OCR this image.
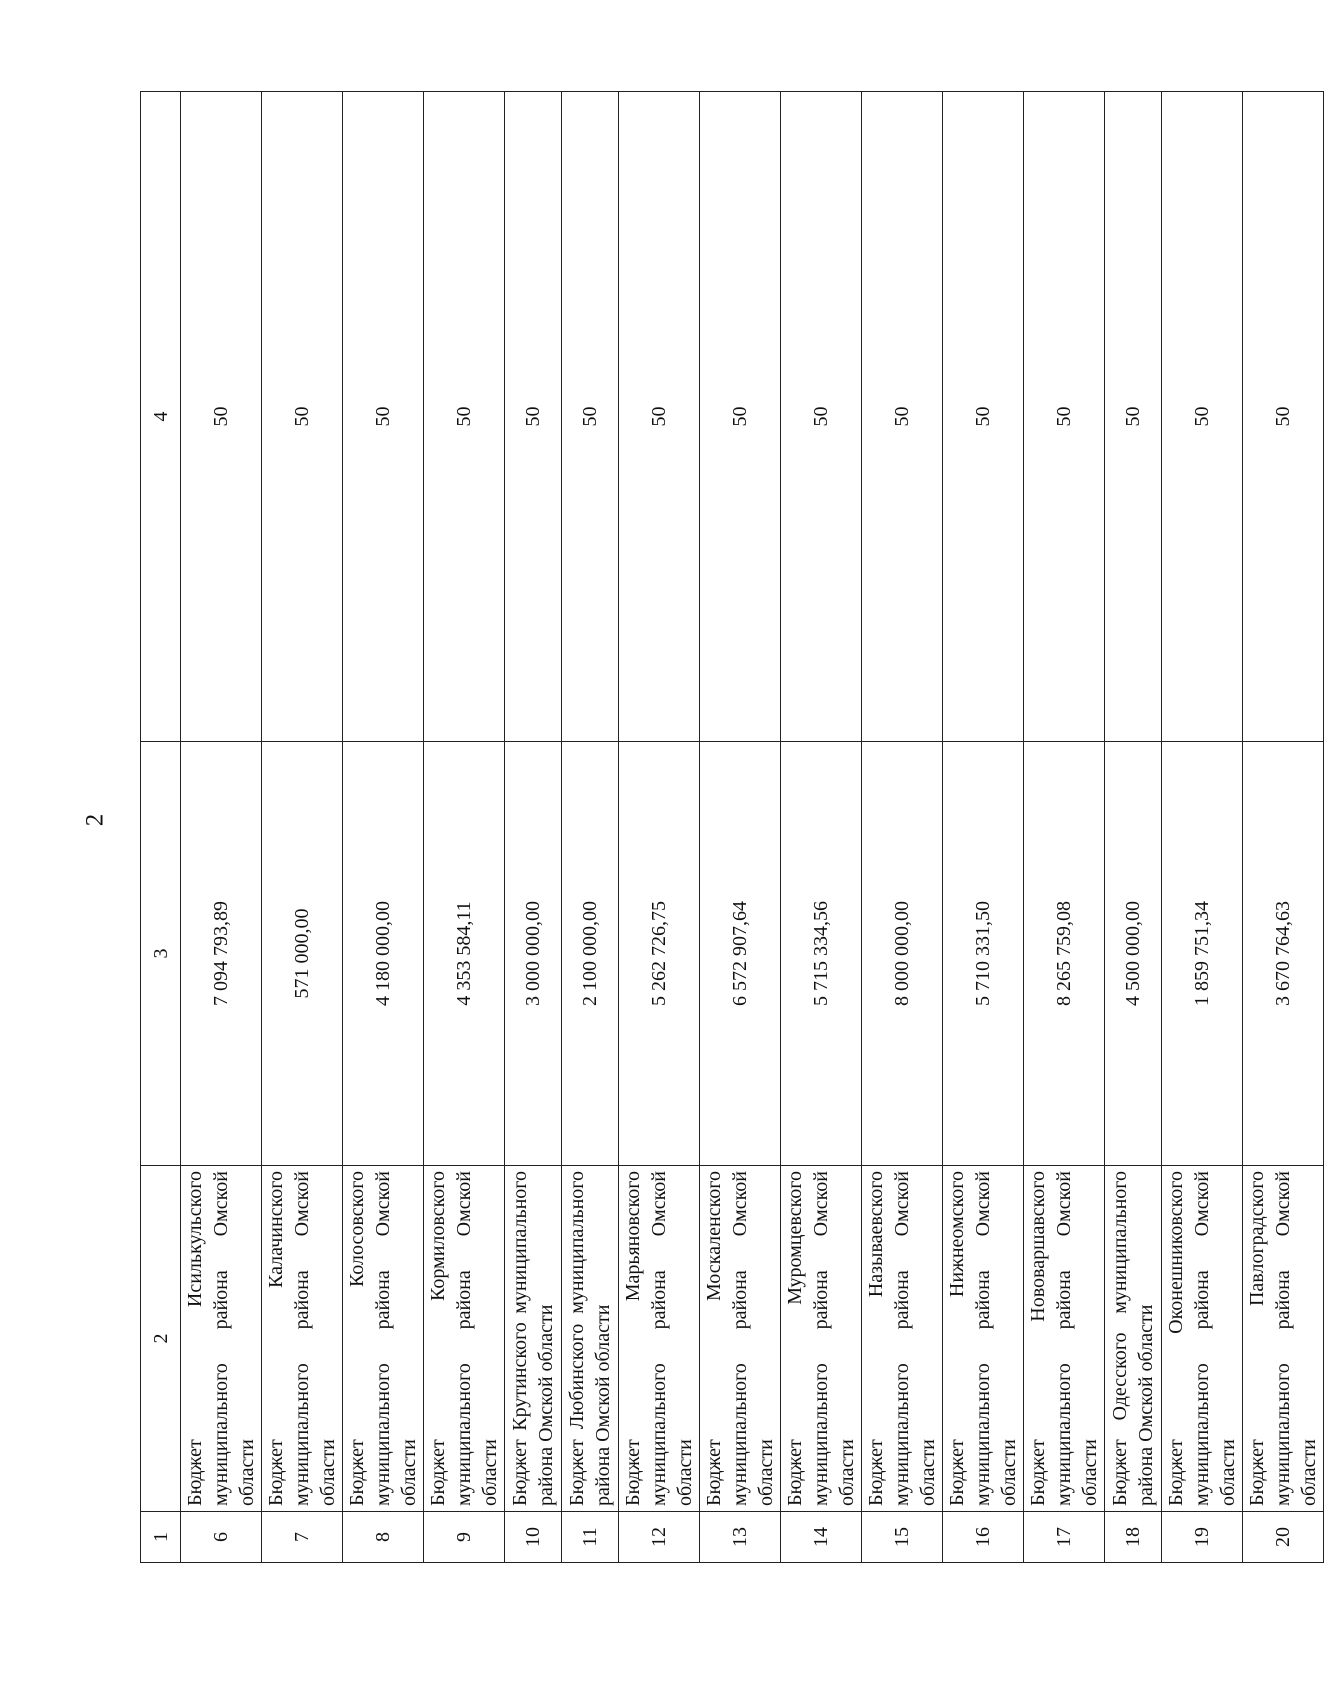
2
1	2	3	4
6	Бюджет Исилькульского муниципального района Омской области	7 094 793,89	50
7	Бюджет Калачинского муниципального района Омской области	571 000,00	50
8	Бюджет Колосовского муниципального района Омской области	4 180 000,00	50
9	Бюджет Кормиловского муниципального района Омской области	4 353 584,11	50
10	Бюджет Крутинского муниципального района Омской области	3 000 000,00	50
11	Бюджет Любинского муниципального района Омской области	2 100 000,00	50
12	Бюджет Марьяновского муниципального района Омской области	5 262 726,75	50
13	Бюджет Москаленского муниципального района Омской области	6 572 907,64	50
14	Бюджет Муромцевского муниципального района Омской области	5 715 334,56	50
15	Бюджет Называевского муниципального района Омской области	8 000 000,00	50
16	Бюджет Нижнеомского муниципального района Омской области	5 710 331,50	50
17	Бюджет Нововаршавского муниципального района Омской области	8 265 759,08	50
18	Бюджет Одесского муниципального района Омской области	4 500 000,00	50
19	Бюджет Оконешниковского муниципального района Омской области	1 859 751,34	50
20	Бюджет Павлоградского муниципального района Омской области	3 670 764,63	50
